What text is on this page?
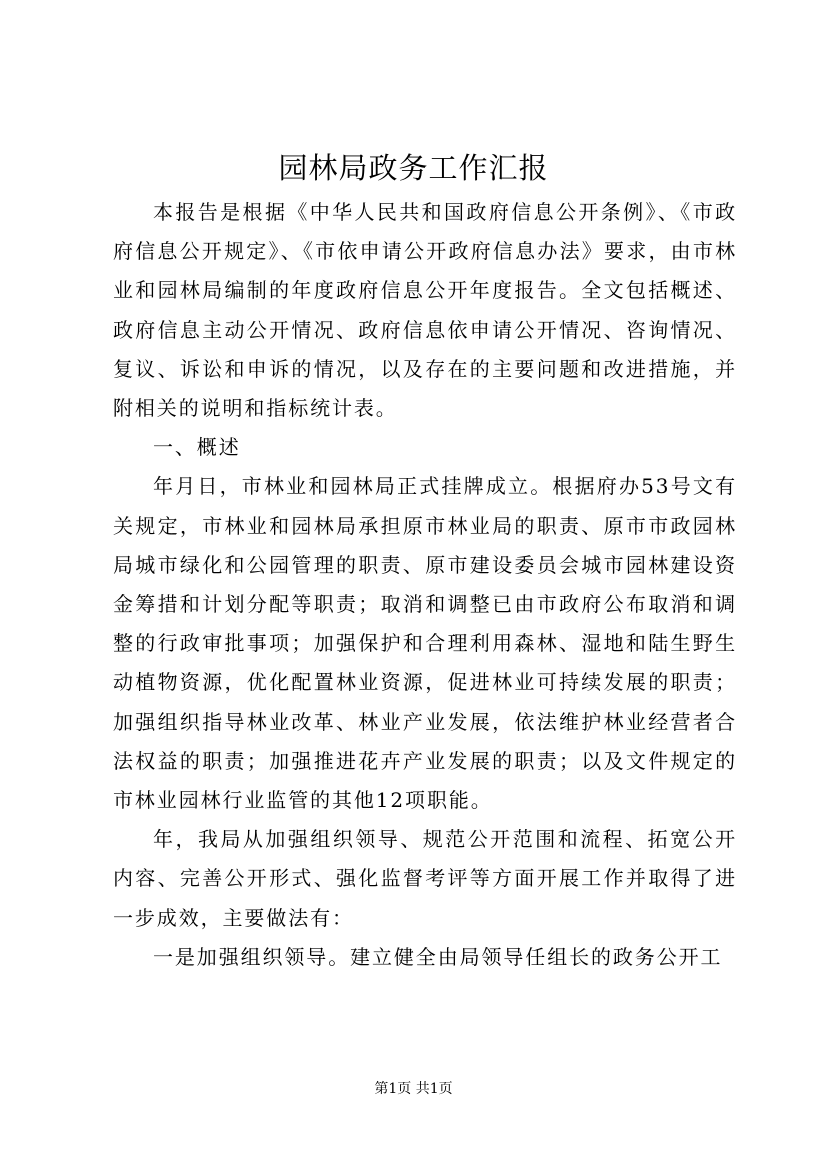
园林局政务工作汇报

本报告是根据《中华人民共和国政府信息公开条例》、《市政府信息公开规定》、《市依申请公开政府信息办法》要求，由市林业和园林局编制的年度政府信息公开年度报告。全文包括概述、政府信息主动公开情况、政府信息依申请公开情况、咨询情况、复议、诉讼和申诉的情况，以及存在的主要问题和改进措施，并附相关的说明和指标统计表。

一、概述

年月日，市林业和园林局正式挂牌成立。根据府办53号文有关规定，市林业和园林局承担原市林业局的职责、原市市政园林局城市绿化和公园管理的职责、原市建设委员会城市园林建设资金筹措和计划分配等职责；取消和调整已由市政府公布取消和调整的行政审批事项；加强保护和合理利用森林、湿地和陆生野生动植物资源，优化配置林业资源，促进林业可持续发展的职责；加强组织指导林业改革、林业产业发展，依法维护林业经营者合法权益的职责；加强推进花卉产业发展的职责；以及文件规定的市林业园林行业监管的其他12项职能。

年，我局从加强组织领导、规范公开范围和流程、拓宽公开内容、完善公开形式、强化监督考评等方面开展工作并取得了进一步成效，主要做法有：

一是加强组织领导。建立健全由局领导任组长的政务公开工

第1页 共1页
